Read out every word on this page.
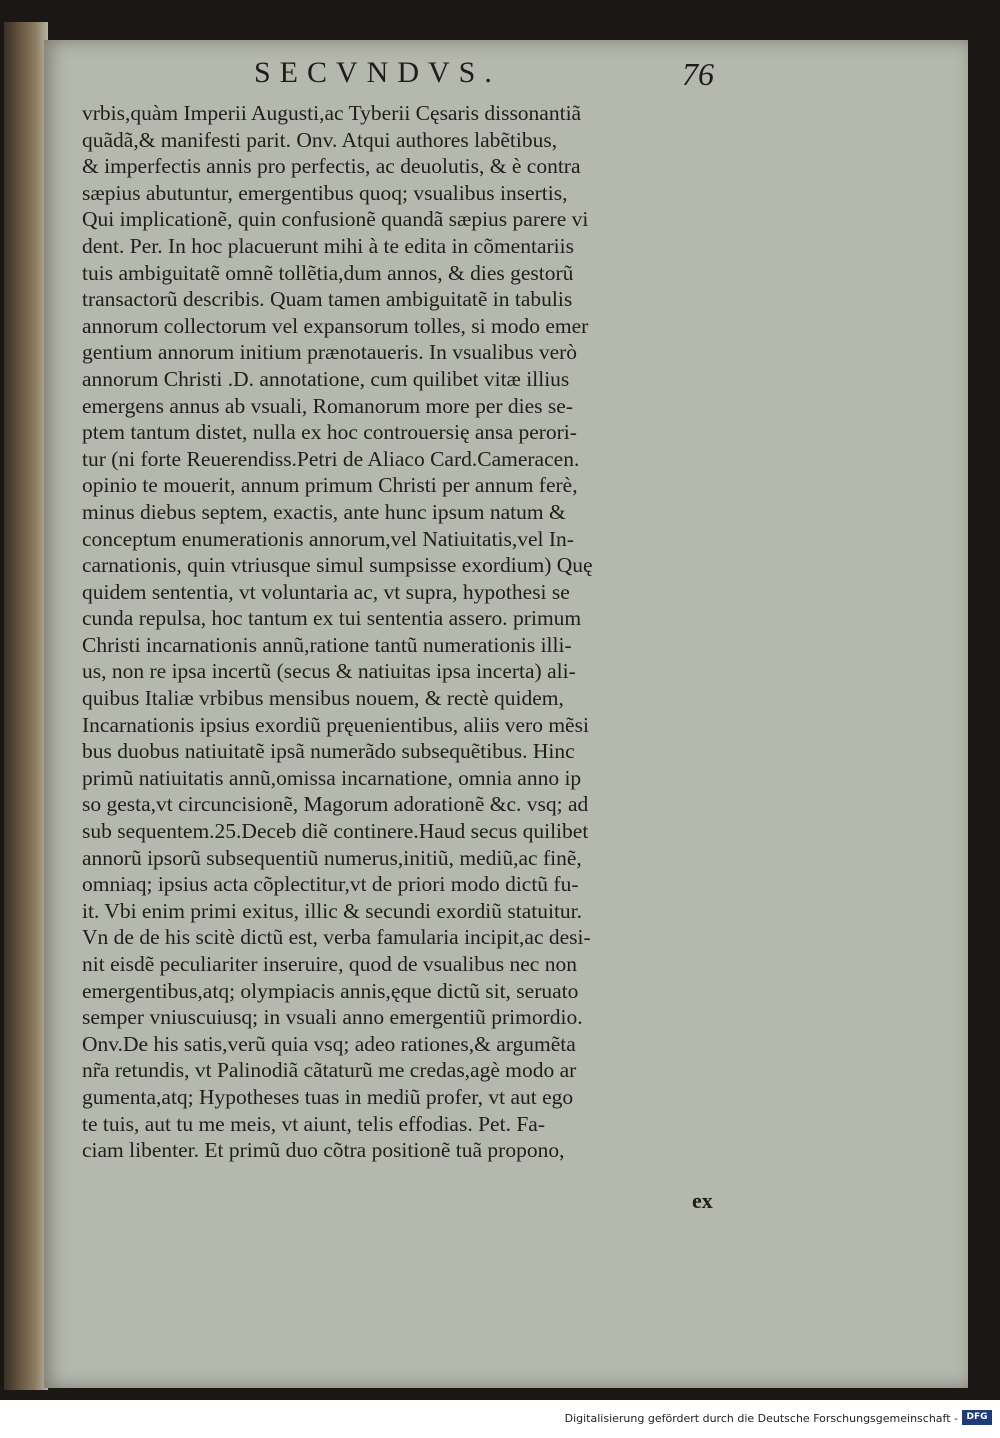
SECVNDVS.	76
vrbis,quàm Imperii Augusti,ac Tyberii Cęsaris dissonantiã
quãdã,& manifesti parit. Onv. Atqui authores labẽtibus,
& imperfectis annis pro perfectis, ac deuolutis, & è contra
sæpius abutuntur, emergentibus quoq; vsualibus insertis,
Qui implicationẽ, quin confusionẽ quandã sæpius parere vi
dent. Per. In hoc placuerunt mihi à te edita in cõmentariis
tuis ambiguitatẽ omnẽ tollẽtia,dum annos, & dies gestorũ
transactorũ describis. Quam tamen ambiguitatẽ in tabulis
annorum collectorum vel expansorum tolles, si modo emer
gentium annorum initium prænotaueris. In vsualibus verò
annorum Christi .D. annotatione, cum quilibet vitæ illius
emergens annus ab vsuali, Romanorum more per dies se-
ptem tantum distet, nulla ex hoc controuersię ansa perori-
tur (ni forte Reuerendiss.Petri de Aliaco Card.Cameracen.
opinio te mouerit, annum primum Christi per annum ferè,
minus diebus septem, exactis, ante hunc ipsum natum &
conceptum enumerationis annorum,vel Natiuitatis,vel In-
carnationis, quin vtriusque simul sumpsisse exordium) Quę
quidem sententia, vt voluntaria ac, vt supra, hypothesi se
cunda repulsa, hoc tantum ex tui sententia assero. primum
Christi incarnationis annũ,ratione tantũ numerationis illi-
us, non re ipsa incertũ (secus & natiuitas ipsa incerta) ali-
quibus Italiæ vrbibus mensibus nouem, & rectè quidem,
Incarnationis ipsius exordiũ pręuenientibus, aliis vero mẽsi
bus duobus natiuitatẽ ipsã numerãdo subsequẽtibus. Hinc
primũ natiuitatis annũ,omissa incarnatione, omnia anno ip
so gesta,vt circuncisionẽ, Magorum adorationẽ &c. vsq; ad
sub sequentem.25.Deceb diẽ continere.Haud secus quilibet
annorũ ipsorũ subsequentiũ numerus,initiũ, mediũ,ac finẽ,
omniaq; ipsius acta cõplectitur,vt de priori modo dictũ fu-
it. Vbi enim primi exitus, illic & secundi exordiũ statuitur.
Vn de de his scitè dictũ est, verba famularia incipit,ac desi-
nit eisdẽ peculiariter inseruire, quod de vsualibus nec non
emergentibus,atq; olympiacis annis,ęque dictũ sit, seruato
semper vniuscuiusq; in vsuali anno emergentiũ primordio.
Onv.De his satis,verũ quia vsq; adeo rationes,& argumẽta
nr̃a retundis, vt Palinodiã cãtaturũ me credas,agè modo ar
gumenta,atq; Hypotheses tuas in mediũ profer, vt aut ego
te tuis, aut tu me meis, vt aiunt, telis effodias. Pet. Fa-
ciam libenter. Et primũ duo cõtra positionẽ tuã propono,
ex
Digitalisierung gefördert durch die Deutsche Forschungsgemeinschaft - DFG
